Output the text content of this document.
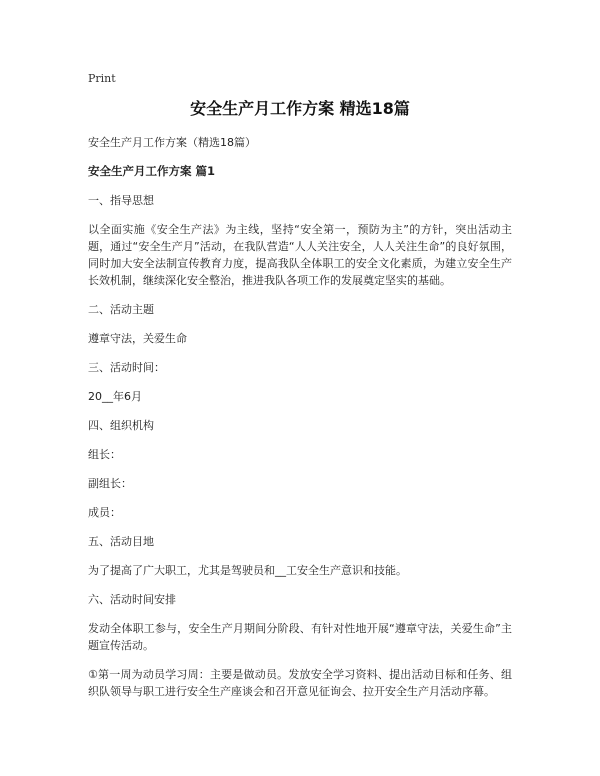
Print
安全生产月工作方案 精选18篇
安全生产月工作方案（精选18篇）
安全生产月工作方案 篇1
一、指导思想
以全面实施《安全生产法》为主线，坚持“安全第一，预防为主”的方针，突出活动主题，通过“安全生产月”活动，在我队营造“人人关注安全，人人关注生命”的良好氛围，同时加大安全法制宣传教育力度，提高我队全体职工的安全文化素质，为建立安全生产长效机制，继续深化安全整治，推进我队各项工作的发展奠定坚实的基础。
二、活动主题
遵章守法，关爱生命
三、活动时间：
20__年6月
四、组织机构
组长：
副组长：
成员：
五、活动目地
为了提高了广大职工，尤其是驾驶员和__工安全生产意识和技能。
六、活动时间安排
发动全体职工参与，安全生产月期间分阶段、有针对性地开展“遵章守法，关爱生命”主题宣传活动。
①第一周为动员学习周：主要是做动员。发放安全学习资料、提出活动目标和任务、组织队领导与职工进行安全生产座谈会和召开意见征询会、拉开安全生产月活动序幕。
